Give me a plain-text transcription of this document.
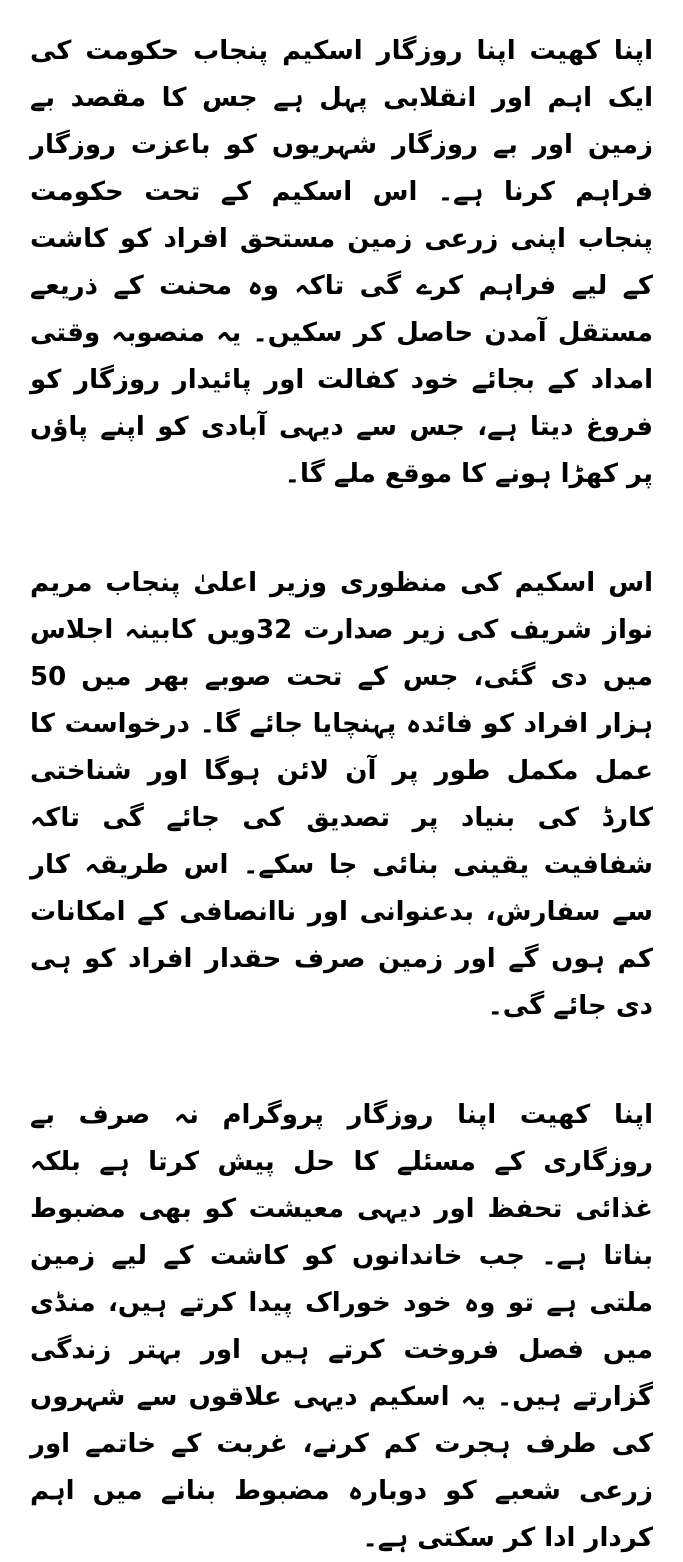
اپنا کھیت اپنا روزگار اسکیم پنجاب حکومت کی ایک اہم اور انقلابی پہل ہے جس کا مقصد بے زمین اور بے روزگار شہریوں کو باعزت روزگار فراہم کرنا ہے۔ اس اسکیم کے تحت حکومت پنجاب اپنی زرعی زمین مستحق افراد کو کاشت کے لیے فراہم کرے گی تاکہ وہ محنت کے ذریعے مستقل آمدن حاصل کر سکیں۔ یہ منصوبہ وقتی امداد کے بجائے خود کفالت اور پائیدار روزگار کو فروغ دیتا ہے، جس سے دیہی آبادی کو اپنے پاؤں پر کھڑا ہونے کا موقع ملے گا۔

اس اسکیم کی منظوری وزیر اعلیٰ پنجاب مریم نواز شریف کی زیر صدارت 32ویں کابینہ اجلاس میں دی گئی، جس کے تحت صوبے بھر میں 50 ہزار افراد کو فائدہ پہنچایا جائے گا۔ درخواست کا عمل مکمل طور پر آن لائن ہوگا اور شناختی کارڈ کی بنیاد پر تصدیق کی جائے گی تاکہ شفافیت یقینی بنائی جا سکے۔ اس طریقہ کار سے سفارش، بدعنوانی اور ناانصافی کے امکانات کم ہوں گے اور زمین صرف حقدار افراد کو ہی دی جائے گی۔

اپنا کھیت اپنا روزگار پروگرام نہ صرف بے روزگاری کے مسئلے کا حل پیش کرتا ہے بلکہ غذائی تحفظ اور دیہی معیشت کو بھی مضبوط بناتا ہے۔ جب خاندانوں کو کاشت کے لیے زمین ملتی ہے تو وہ خود خوراک پیدا کرتے ہیں، منڈی میں فصل فروخت کرتے ہیں اور بہتر زندگی گزارتے ہیں۔ یہ اسکیم دیہی علاقوں سے شہروں کی طرف ہجرت کم کرنے، غربت کے خاتمے اور زرعی شعبے کو دوبارہ مضبوط بنانے میں اہم کردار ادا کر سکتی ہے۔
